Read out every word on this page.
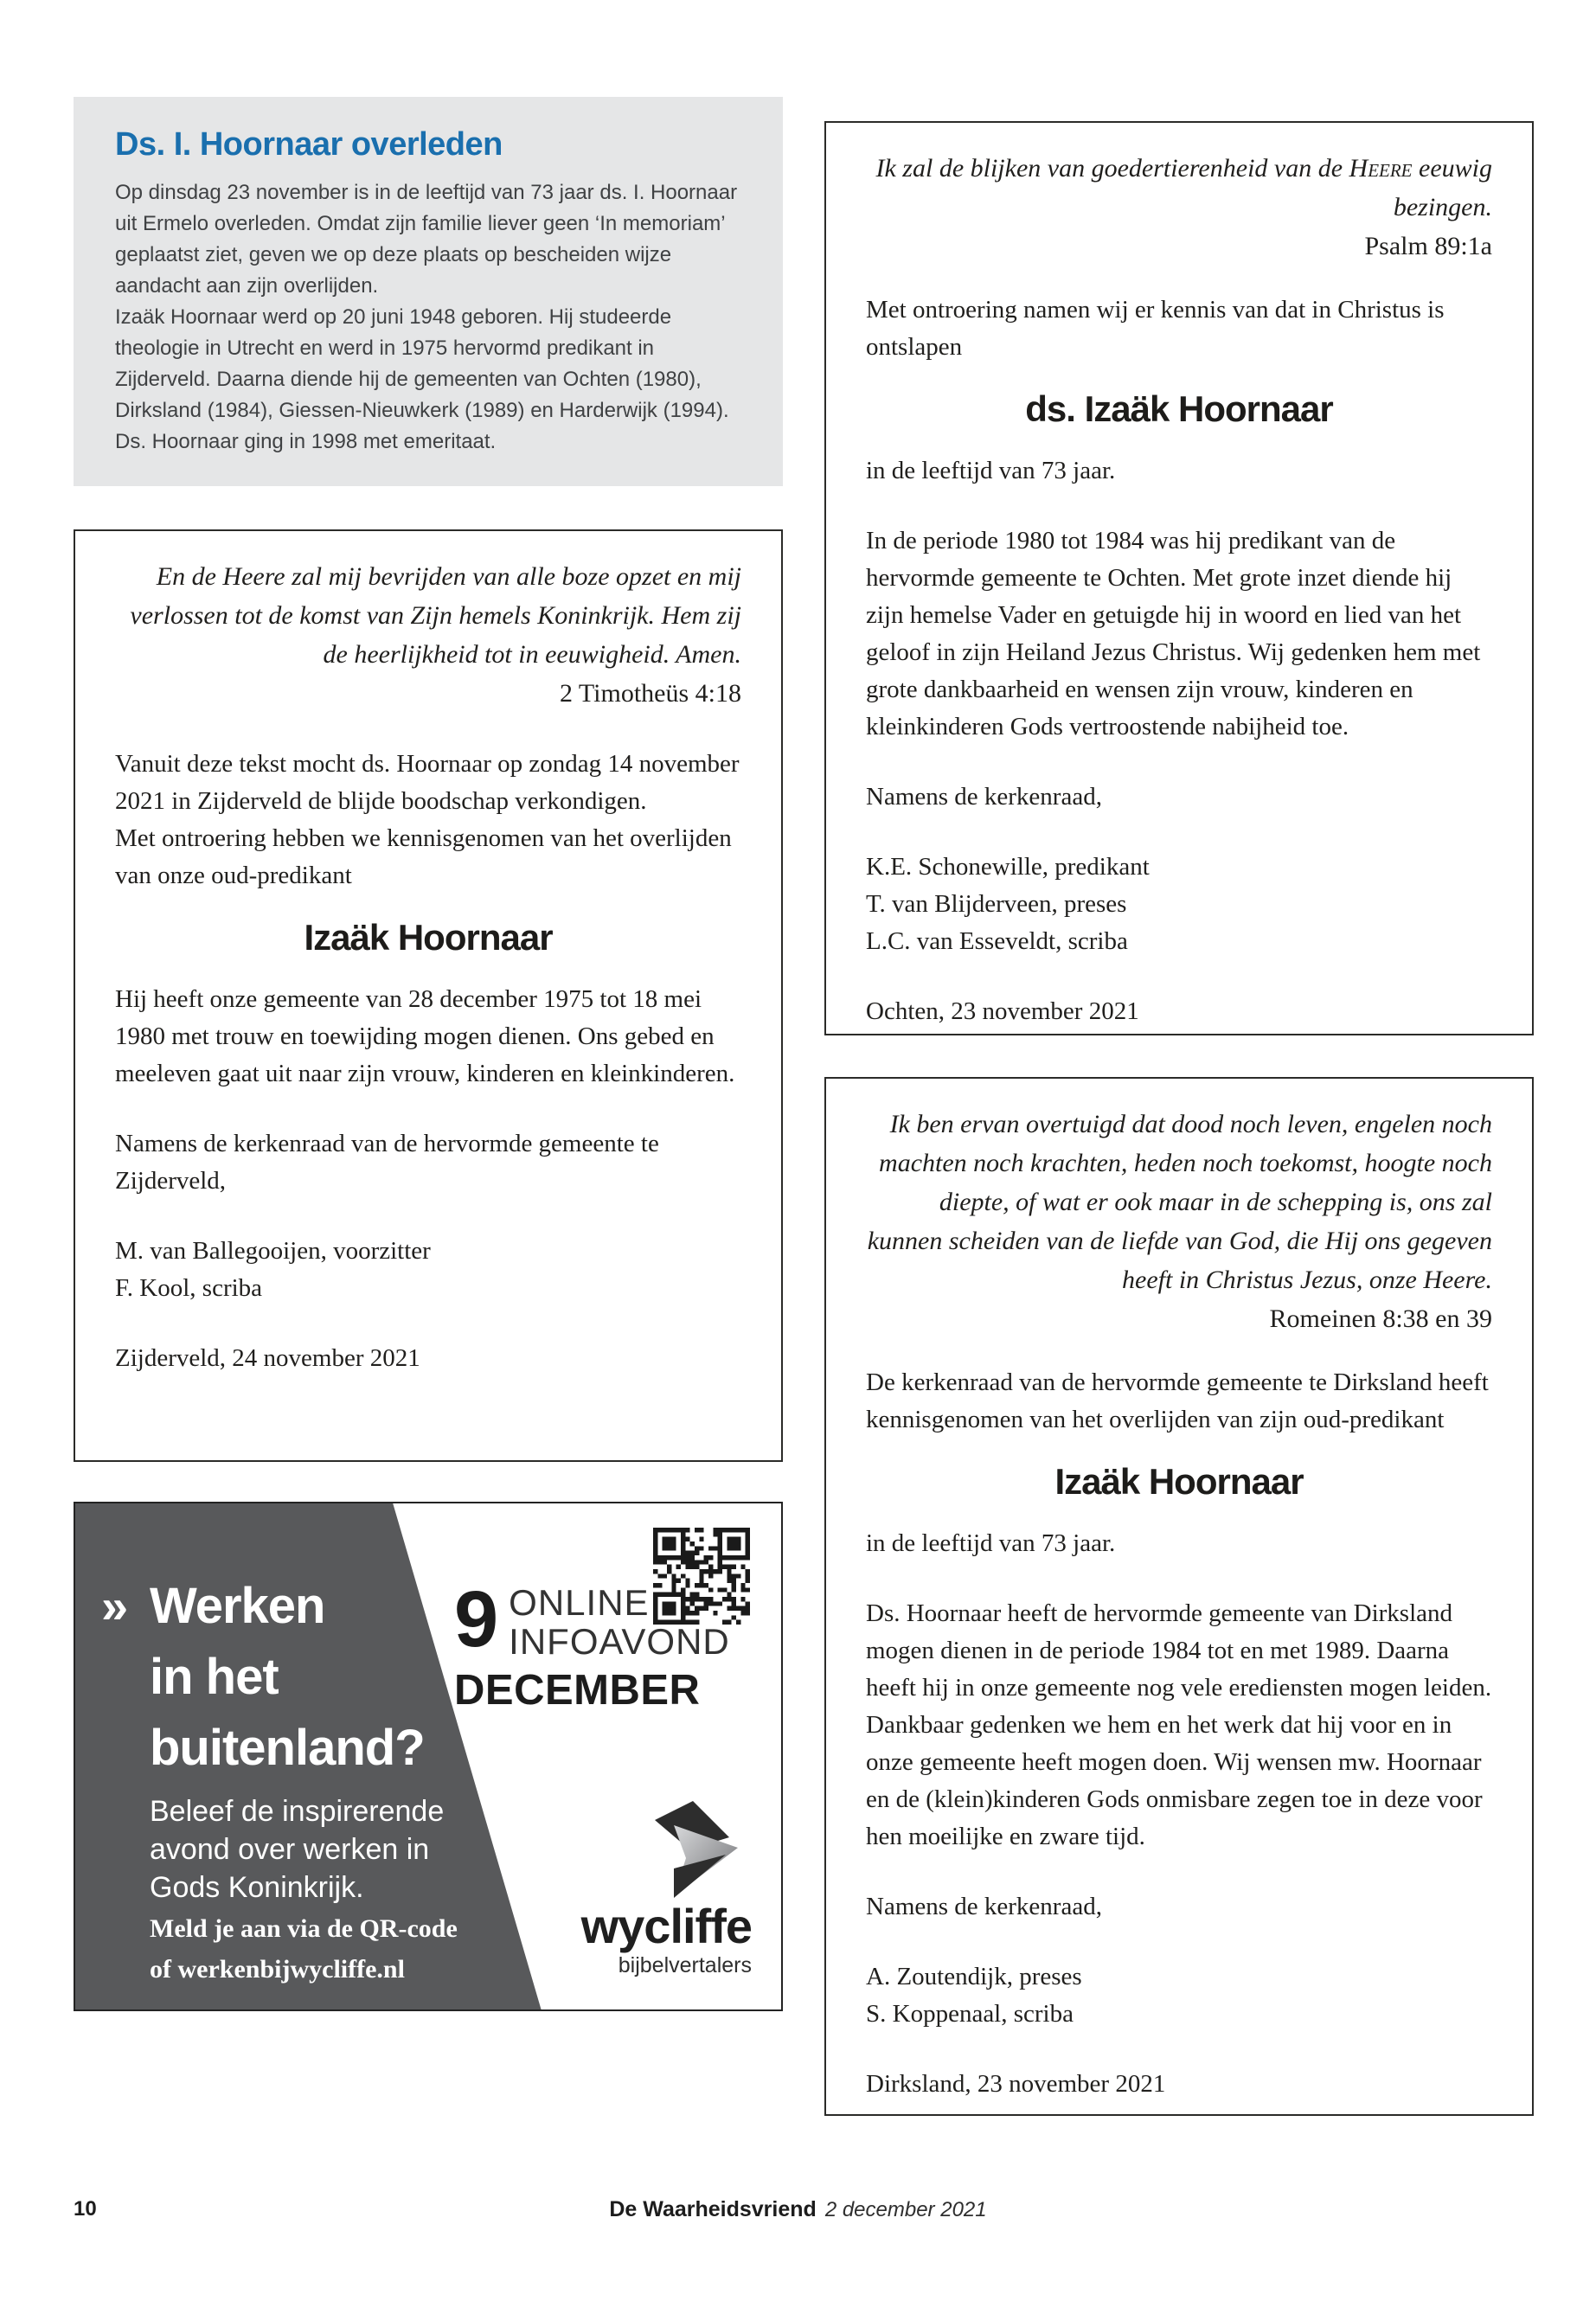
Ds. I. Hoornaar overleden

Op dinsdag 23 november is in de leeftijd van 73 jaar ds. I. Hoornaar uit Ermelo overleden. Omdat zijn familie liever geen ‘In memoriam’ geplaatst ziet, geven we op deze plaats op bescheiden wijze aandacht aan zijn overlijden.

Izaäk Hoornaar werd op 20 juni 1948 geboren. Hij studeerde theologie in Utrecht en werd in 1975 hervormd predikant in Zijderveld. Daarna diende hij de gemeenten van Ochten (1980), Dirksland (1984), Giessen-Nieuwkerk (1989) en Harderwijk (1994). Ds. Hoornaar ging in 1998 met emeritaat.

En de Heere zal mij bevrijden van alle boze opzet en mij verlossen tot de komst van Zijn hemels Koninkrijk. Hem zij de heerlijkheid tot in eeuwigheid. Amen.

2 Timotheüs 4:18

Vanuit deze tekst mocht ds. Hoornaar op zondag 14 november 2021 in Zijderveld de blijde boodschap verkondigen.

Met ontroering hebben we kennisgenomen van het overlijden van onze oud-predikant

Izaäk Hoornaar

Hij heeft onze gemeente van 28 december 1975 tot 18 mei 1980 met trouw en toewijding mogen dienen. Ons gebed en meeleven gaat uit naar zijn vrouw, kinderen en kleinkinderen.

Namens de kerkenraad van de hervormde gemeente te Zijderveld,

M. van Ballegooijen, voorzitter

F. Kool, scriba

Zijderveld, 24 november 2021

Ik zal de blijken van goedertierenheid van de Heere eeuwig bezingen.

Psalm 89:1a

Met ontroering namen wij er kennis van dat in Christus is ontslapen

ds. Izaäk Hoornaar

in de leeftijd van 73 jaar.

In de periode 1980 tot 1984 was hij predikant van de hervormde gemeente te Ochten. Met grote inzet diende hij zijn hemelse Vader en getuigde hij in woord en lied van het geloof in zijn Heiland Jezus Christus. Wij gedenken hem met grote dankbaarheid en wensen zijn vrouw, kinderen en kleinkinderen Gods vertroostende nabijheid toe.

Namens de kerkenraad,

K.E. Schonewille, predikant

T. van Blijderveen, preses

L.C. van Esseveldt, scriba

Ochten, 23 november 2021

Ik ben ervan overtuigd dat dood noch leven, engelen noch machten noch krachten, heden noch toekomst, hoogte noch diepte, of wat er ook maar in de schepping is, ons zal kunnen scheiden van de liefde van God, die Hij ons gegeven heeft in Christus Jezus, onze Heere.

Romeinen 8:38 en 39

De kerkenraad van de hervormde gemeente te Dirksland heeft kennisgenomen van het overlijden van zijn oud-predikant

Izaäk Hoornaar

in de leeftijd van 73 jaar.

Ds. Hoornaar heeft de hervormde gemeente van Dirksland mogen dienen in de periode 1984 tot en met 1989. Daarna heeft hij in onze gemeente nog vele erediensten mogen leiden. Dankbaar gedenken we hem en het werk dat hij voor en in onze gemeente heeft mogen doen. Wij wensen mw. Hoornaar en de (klein)kinderen Gods onmisbare zegen toe in deze voor hen moeilijke en zware tijd.

Namens de kerkenraad,

A. Zoutendijk, preses

S. Koppenaal, scriba

Dirksland, 23 november 2021

» Werken
in het
buitenland?
Beleef de inspirerende avond over werken in Gods Koninkrijk.
Meld je aan via de QR-code
of werkenbijwycliffe.nl
9 ONLINE
INFOAVOND
DECEMBER
wycliffe
bijbelvertalers
10	De Waarheidsvriend 2 december 2021
